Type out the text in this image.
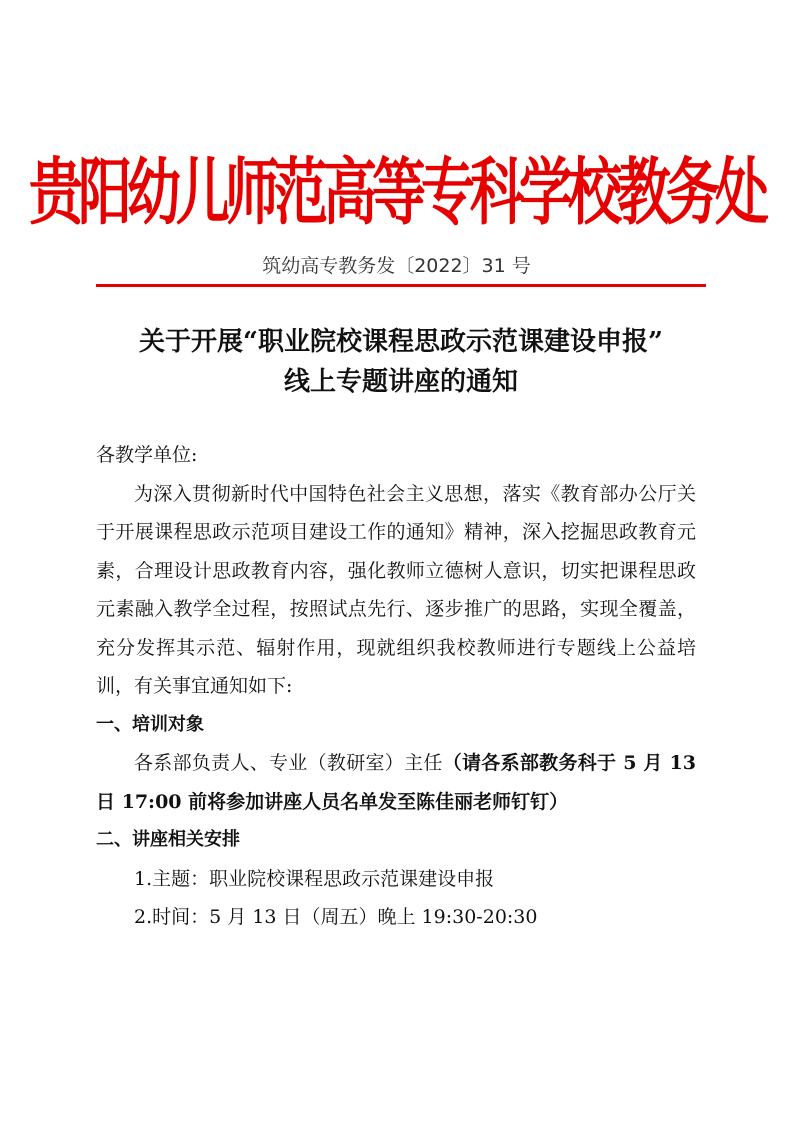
贵阳幼儿师范高等专科学校教务处
筑幼高专教务发〔2022〕31 号
关于开展“职业院校课程思政示范课建设申报”
线上专题讲座的通知

各教学单位:

为深入贯彻新时代中国特色社会主义思想，落实《教育部办公厅关于开展课程思政示范项目建设工作的通知》精神，深入挖掘思政教育元素，合理设计思政教育内容，强化教师立德树人意识，切实把课程思政元素融入教学全过程，按照试点先行、逐步推广的思路，实现全覆盖，充分发挥其示范、辐射作用，现就组织我校教师进行专题线上公益培训，有关事宜通知如下:

一、培训对象

各系部负责人、专业（教研室）主任（请各系部教务科于 5 月 13 日 17:00 前将参加讲座人员名单发至陈佳丽老师钉钉）

二、讲座相关安排

1.主题：职业院校课程思政示范课建设申报

2.时间：5 月 13 日（周五）晚上 19:30-20:30
